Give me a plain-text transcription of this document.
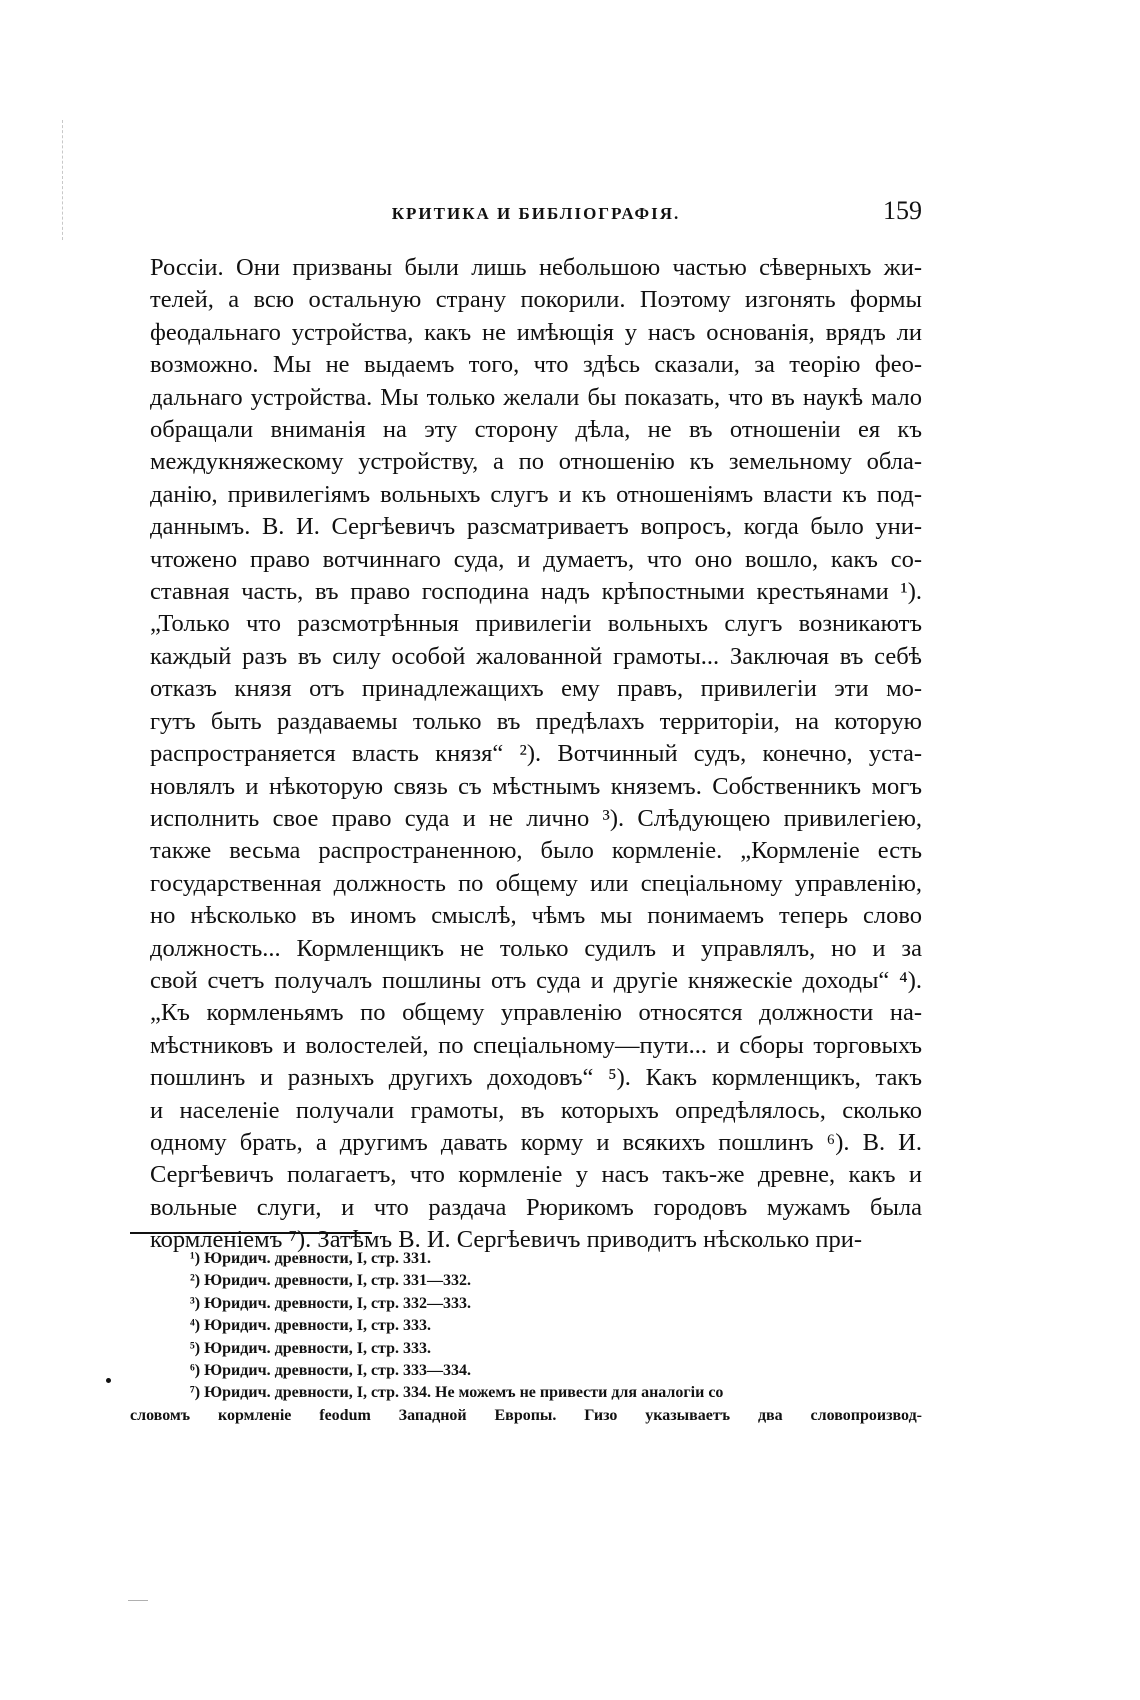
КРИТИКА И БИБЛІОГРАФІЯ.	159
Россіи. Они призваны были лишь небольшою частью сѣверныхъ жи-
телей, а всю остальную страну покорили. Поэтому изгонять формы
феодальнаго устройства, какъ не имѣющія у насъ основанія, врядъ ли
возможно. Мы не выдаемъ того, что здѣсь сказали, за теорію фео-
дальнаго устройства. Мы только желали бы показать, что въ наукѣ мало
обращали вниманія на эту сторону дѣла, не въ отношеніи ея къ
междукняжескому устройству, а по отношенію къ земельному обла-
данію, привилегіямъ вольныхъ слугъ и къ отношеніямъ власти къ под-
даннымъ. В. И. Сергѣевичъ разсматриваетъ вопросъ, когда было уни-
чтожено право вотчиннаго суда, и думаетъ, что оно вошло, какъ со-
ставная часть, въ право господина надъ крѣпостными крестьянами ¹).
„Только что разсмотрѣнныя привилегіи вольныхъ слугъ возникаютъ
каждый разъ въ силу особой жалованной грамоты... Заключая въ себѣ
отказъ князя отъ принадлежащихъ ему правъ, привилегіи эти мо-
гутъ быть раздаваемы только въ предѣлахъ территоріи, на которую
распространяется власть князя“ ²). Вотчинный судъ, конечно, уста-
новлялъ и нѣкоторую связь съ мѣстнымъ княземъ. Собственникъ могъ
исполнить свое право суда и не лично ³). Слѣдующею привилегіею,
также весьма распространенною, было кормленіе. „Кормленіе есть
государственная должность по общему или спеціальному управленію,
но нѣсколько въ иномъ смыслѣ, чѣмъ мы понимаемъ теперь слово
должность... Кормленщикъ не только судилъ и управлялъ, но и за
свой счетъ получалъ пошлины отъ суда и другіе княжескіе доходы“ ⁴).
„Къ кормленьямъ по общему управленію относятся должности на-
мѣстниковъ и волостелей, по спеціальному—пути... и сборы торговыхъ
пошлинъ и разныхъ другихъ доходовъ“ ⁵). Какъ кормленщикъ, такъ
и населеніе получали грамоты, въ которыхъ опредѣлялось, сколько
одному брать, а другимъ давать корму и всякихъ пошлинъ ⁶). В. И.
Сергѣевичъ полагаетъ, что кормленіе у насъ такъ-же древне, какъ и
вольные слуги, и что раздача Рюрикомъ городовъ мужамъ была
кормленіемъ ⁷). Затѣмъ В. И. Сергѣевичъ приводитъ нѣсколько при-
¹) Юридич. древности, I, стр. 331.
²) Юридич. древности, I, стр. 331—332.
³) Юридич. древности, I, стр. 332—333.
⁴) Юридич. древности, I, стр. 333.
⁵) Юридич. древности, I, стр. 333.
⁶) Юридич. древности, I, стр. 333—334.
⁷) Юридич. древности, I, стр. 334. Не можемъ не привести для аналогіи со
словомъ кормленіе feodum Западной Европы. Гизо указываетъ два словопроизвод-
